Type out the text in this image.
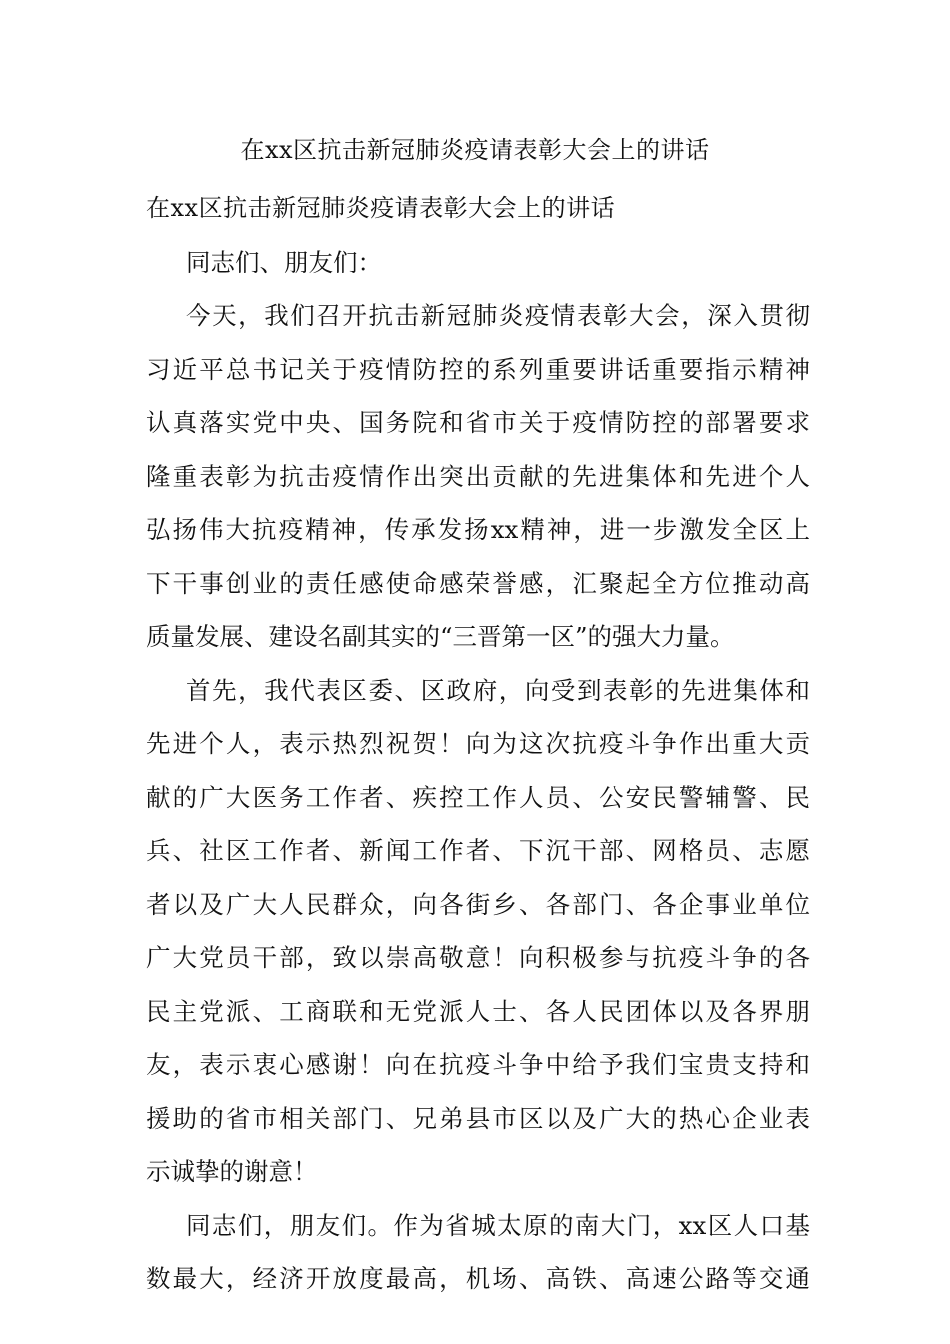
在xx区抗击新冠肺炎疫请表彰大会上的讲话
在xx区抗击新冠肺炎疫请表彰大会上的讲话
同志们、朋友们：
今天，我们召开抗击新冠肺炎疫情表彰大会，深入贯彻
习近平总书记关于疫情防控的系列重要讲话重要指示精神
认真落实党中央、国务院和省市关于疫情防控的部署要求
隆重表彰为抗击疫情作出突出贡献的先进集体和先进个人
弘扬伟大抗疫精神，传承发扬xx精神，进一步激发全区上
下干事创业的责任感使命感荣誉感，汇聚起全方位推动高
质量发展、建设名副其实的“三晋第一区”的强大力量。
首先，我代表区委、区政府，向受到表彰的先进集体和
先进个人，表示热烈祝贺！向为这次抗疫斗争作出重大贡
献的广大医务工作者、疾控工作人员、公安民警辅警、民
兵、社区工作者、新闻工作者、下沉干部、网格员、志愿
者以及广大人民群众，向各街乡、各部门、各企事业单位
广大党员干部，致以崇高敬意！向积极参与抗疫斗争的各
民主党派、工商联和无党派人士、各人民团体以及各界朋
友，表示衷心感谢！向在抗疫斗争中给予我们宝贵支持和
援助的省市相关部门、兄弟县市区以及广大的热心企业表
示诚挚的谢意！
同志们，朋友们。作为省城太原的南大门，xx区人口基
数最大，经济开放度最高，机场、高铁、高速公路等交通
